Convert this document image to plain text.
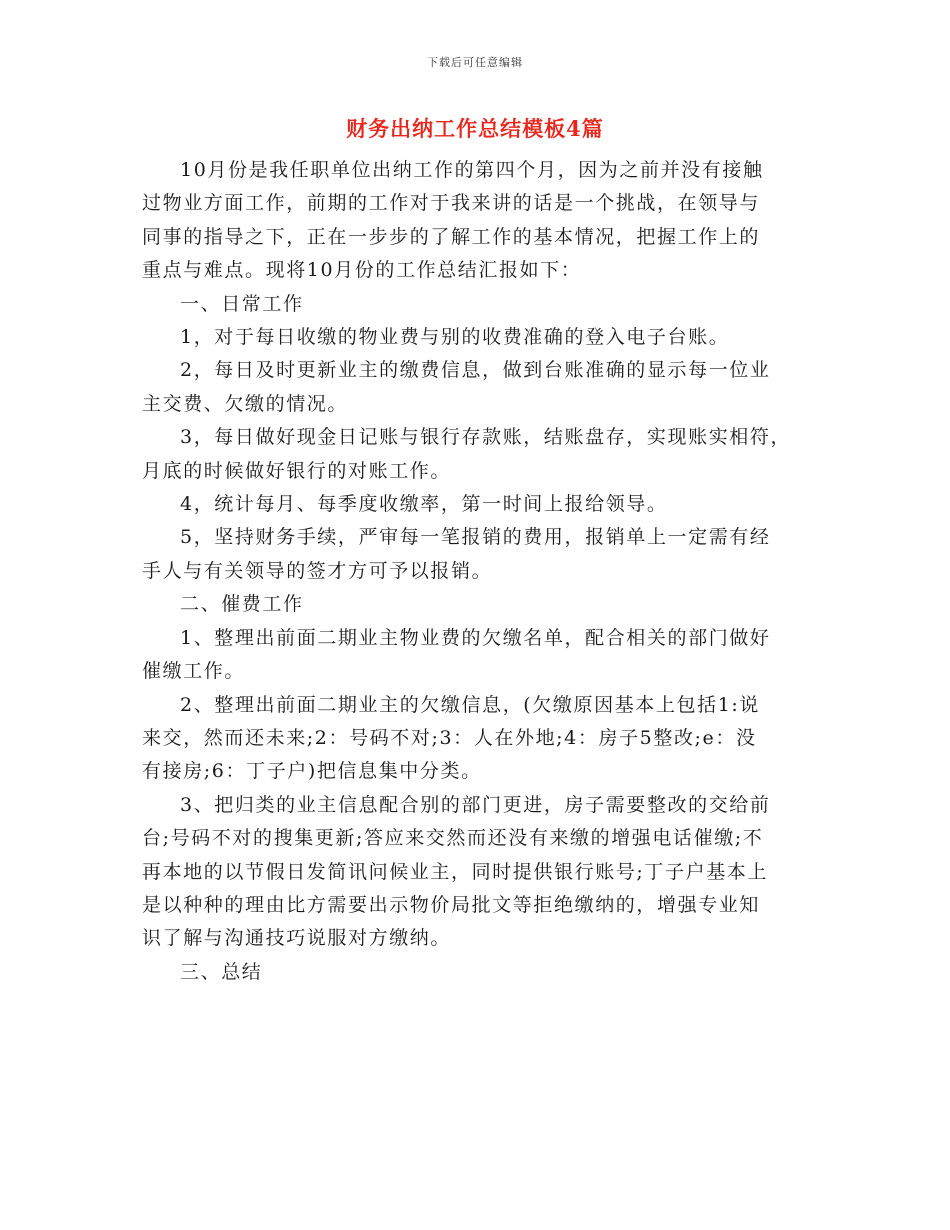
下载后可任意编辑
财务出纳工作总结模板4篇

10月份是我任职单位出纳工作的第四个月，因为之前并没有接触
过物业方面工作，前期的工作对于我来讲的话是一个挑战，在领导与
同事的指导之下，正在一步步的了解工作的基本情况，把握工作上的
重点与难点。现将10月份的工作总结汇报如下：

一、日常工作

1，对于每日收缴的物业费与别的收费准确的登入电子台账。

2，每日及时更新业主的缴费信息，做到台账准确的显示每一位业
主交费、欠缴的情况。

3，每日做好现金日记账与银行存款账，结账盘存，实现账实相符，
月底的时候做好银行的对账工作。

4，统计每月、每季度收缴率，第一时间上报给领导。

5，坚持财务手续，严审每一笔报销的费用，报销单上一定需有经
手人与有关领导的签才方可予以报销。

二、催费工作

1、整理出前面二期业主物业费的欠缴名单，配合相关的部门做好
催缴工作。

2、整理出前面二期业主的欠缴信息，(欠缴原因基本上包括1:说
来交，然而还未来;2：号码不对;3：人在外地;4：房子5整改;e：没
有接房;6：丁子户)把信息集中分类。

3、把归类的业主信息配合别的部门更进，房子需要整改的交给前
台;号码不对的搜集更新;答应来交然而还没有来缴的增强电话催缴;不
再本地的以节假日发简讯问候业主，同时提供银行账号;丁子户基本上
是以种种的理由比方需要出示物价局批文等拒绝缴纳的，增强专业知
识了解与沟通技巧说服对方缴纳。

三、总结
